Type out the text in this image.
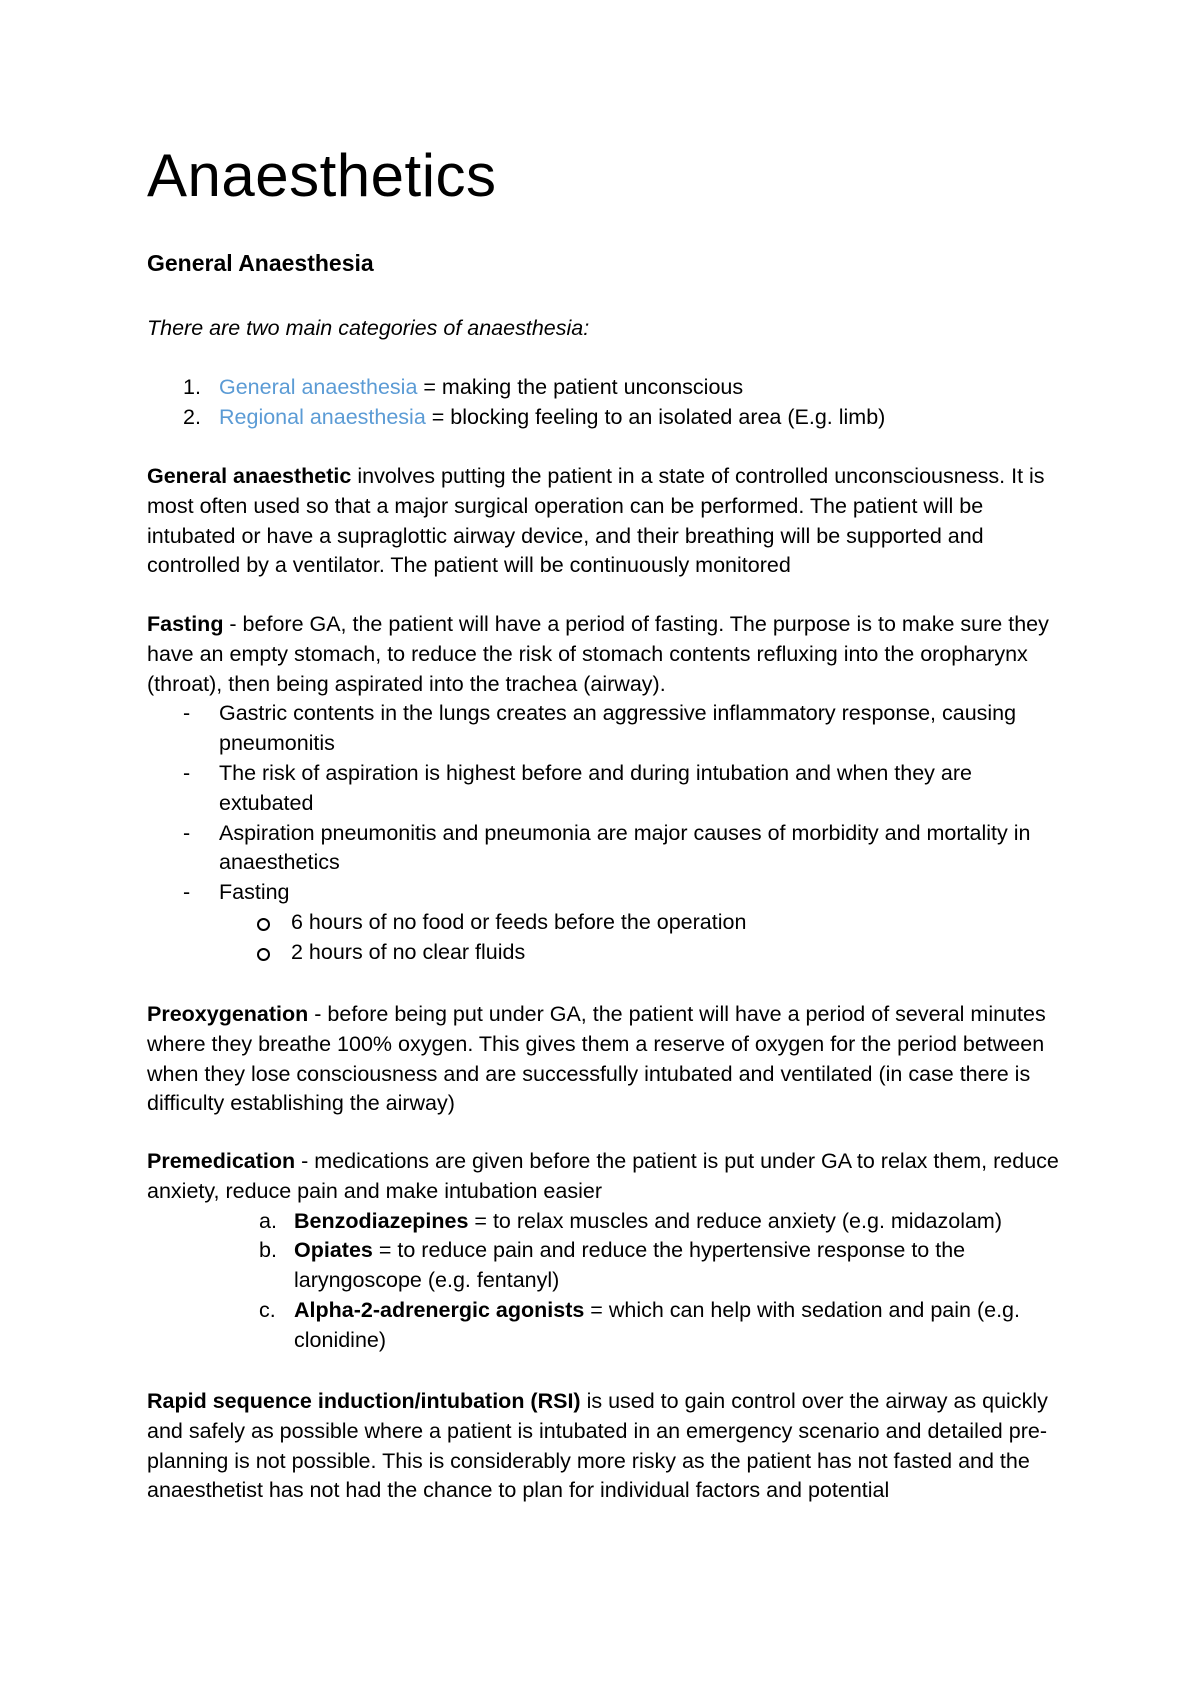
Anaesthetics
General Anaesthesia
There are two main categories of anaesthesia:
1. General anaesthesia = making the patient unconscious
2. Regional anaesthesia = blocking feeling to an isolated area (E.g. limb)
General anaesthetic involves putting the patient in a state of controlled unconsciousness. It is most often used so that a major surgical operation can be performed. The patient will be intubated or have a supraglottic airway device, and their breathing will be supported and controlled by a ventilator. The patient will be continuously monitored
Fasting - before GA, the patient will have a period of fasting. The purpose is to make sure they have an empty stomach, to reduce the risk of stomach contents refluxing into the oropharynx (throat), then being aspirated into the trachea (airway).
- Gastric contents in the lungs creates an aggressive inflammatory response, causing pneumonitis
- The risk of aspiration is highest before and during intubation and when they are extubated
- Aspiration pneumonitis and pneumonia are major causes of morbidity and mortality in anaesthetics
- Fasting
6 hours of no food or feeds before the operation
2 hours of no clear fluids
Preoxygenation - before being put under GA, the patient will have a period of several minutes where they breathe 100% oxygen. This gives them a reserve of oxygen for the period between when they lose consciousness and are successfully intubated and ventilated (in case there is difficulty establishing the airway)
Premedication - medications are given before the patient is put under GA to relax them, reduce anxiety, reduce pain and make intubation easier
a. Benzodiazepines = to relax muscles and reduce anxiety (e.g. midazolam)
b. Opiates = to reduce pain and reduce the hypertensive response to the laryngoscope (e.g. fentanyl)
c. Alpha-2-adrenergic agonists = which can help with sedation and pain (e.g. clonidine)
Rapid sequence induction/intubation (RSI) is used to gain control over the airway as quickly and safely as possible where a patient is intubated in an emergency scenario and detailed pre-planning is not possible. This is considerably more risky as the patient has not fasted and the anaesthetist has not had the chance to plan for individual factors and potential
